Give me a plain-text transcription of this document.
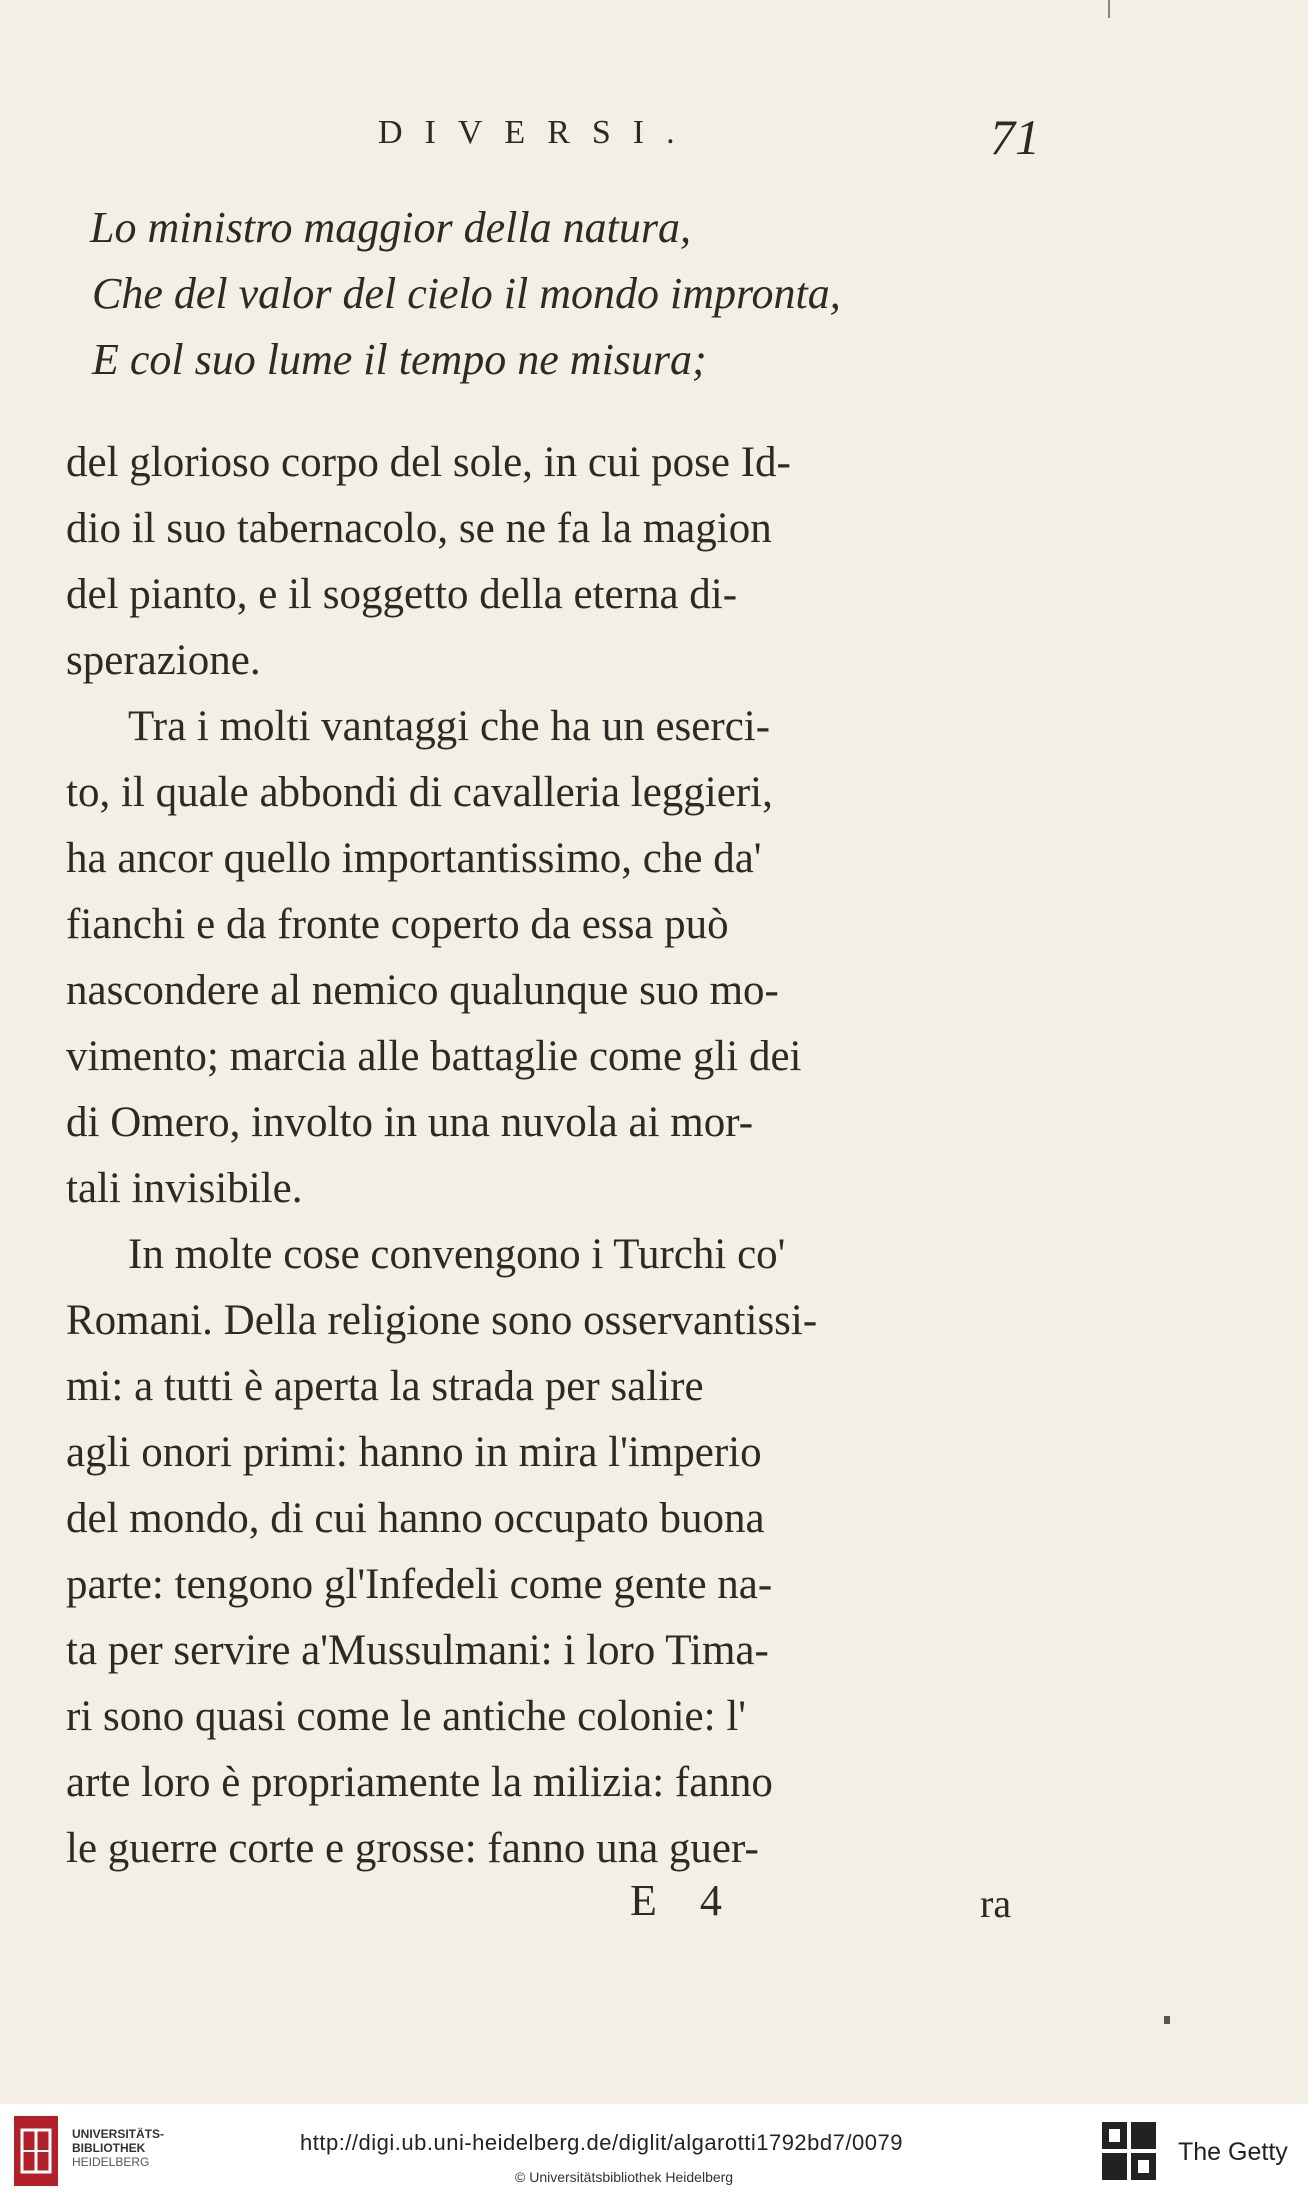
DIVERSI.	71
Lo ministro maggior della natura,
Che del valor del cielo il mondo impronta,
E col suo lume il tempo ne misura;
del glorioso corpo del sole, in cui pose Id-
dio il suo tabernacolo, se ne fa la magion
del pianto, e il soggetto della eterna di-
sperazione.
Tra i molti vantaggi che ha un eserci-
to, il quale abbondi di cavalleria leggieri,
ha ancor quello importantissimo, che da'
fianchi e da fronte coperto da essa può
nascondere al nemico qualunque suo mo-
vimento; marcia alle battaglie come gli dei
di Omero, involto in una nuvola ai mor-
tali invisibile.
In molte cose convengono i Turchi co'
Romani. Della religione sono osservantissi-
mi: a tutti è aperta la strada per salire
agli onori primi: hanno in mira l'imperio
del mondo, di cui hanno occupato buona
parte: tengono gl'Infedeli come gente na-
ta per servire a'Mussulmani: i loro Tima-
ri sono quasi come le antiche colonie: l'
arte loro è propriamente la milizia: fanno
le guerre corte e grosse: fanno una guer-
E 4	ra
UNIVERSITÄTS-
BIBLIOTHEK
HEIDELBERG
http://digi.ub.uni-heidelberg.de/diglit/algarotti1792bd7/0079
© Universitätsbibliothek Heidelberg
The Getty
